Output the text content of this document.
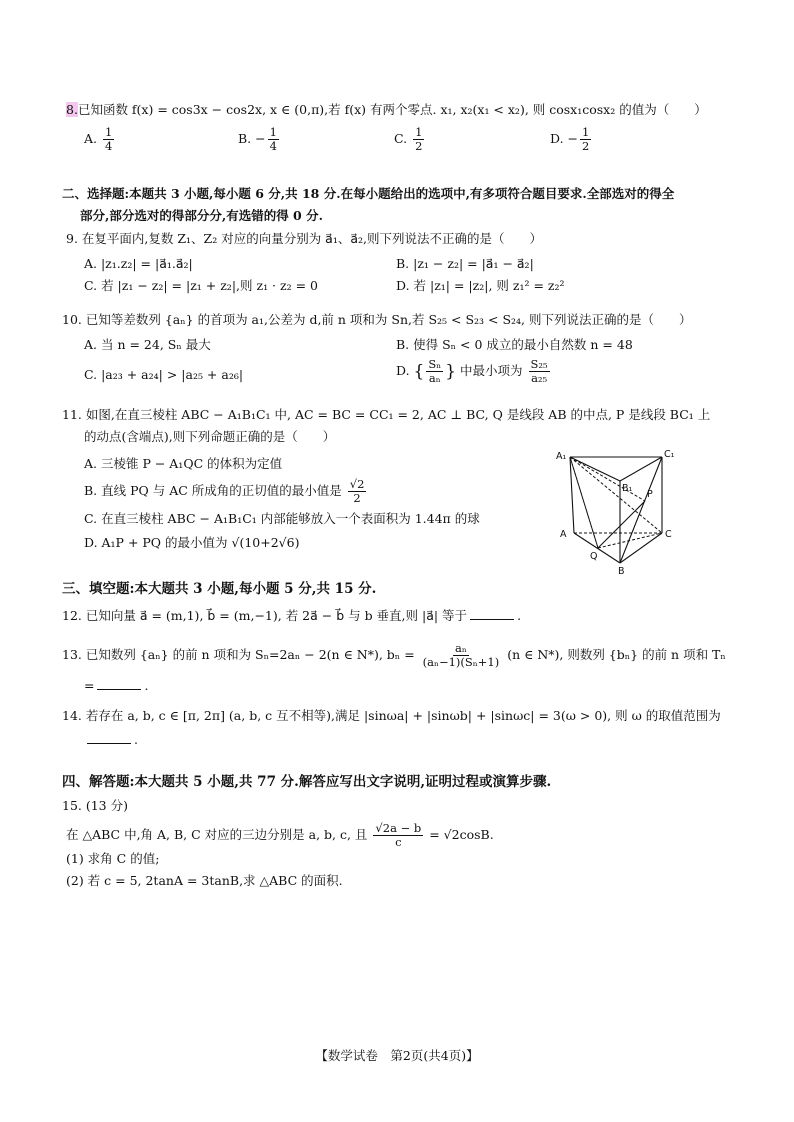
8.已知函数 f(x) = cos3x − cos2x, x ∈ (0,π),若 f(x) 有两个零点. x₁, x₂(x₁ < x₂), 则 cosx₁cosx₂ 的值为（　　）
A. $\frac{1}{4}$	B. − $\frac{1}{4}$	C. $\frac{1}{2}$	D. − $\frac{1}{2}$
二、选择题:本题共 3 小题,每小题 6 分,共 18 分.在每小题给出的选项中,有多项符合题目要求.全部选对的得全
部分,部分选对的得部分分,有选错的得 0 分.
9. 在复平面内,复数 Z₁、Z₂ 对应的向量分别为 a⃗₁、a⃗₂,则下列说法不正确的是（　　）
A. |z₁.z₂| = |a⃗₁.a⃗₂|	B. |z₁ − z₂| = |a⃗₁ − a⃗₂|
C. 若 |z₁ − z₂| = |z₁ + z₂|,则 z₁ · z₂ = 0	D. 若 |z₁| = |z₂|, 则 z₁² = z₂²
10. 已知等差数列 {aₙ} 的首项为 a₁,公差为 d,前 n 项和为 Sn,若 S₂₅ < S₂₃ < S₂₄, 则下列说法正确的是（　　）
A. 当 n = 24, Sₙ 最大	B. 使得 Sₙ < 0 成立的最小自然数 n = 48
C. |a₂₃ + a₂₄| > |a₂₅ + a₂₆|	D. { $\frac{\text{Sₙ}}{\text{aₙ}}$ } 中最小项为 $\frac{\text{S₂₅}}{\text{a₂₅}}$
11. 如图,在直三棱柱 ABC − A₁B₁C₁ 中, AC = BC = CC₁ = 2, AC ⊥ BC, Q 是线段 AB 的中点, P 是线段 BC₁ 上
的动点(含端点),则下列命题正确的是（　　）
A. 三棱锥 P − A₁QC 的体积为定值
B. 直线 PQ 与 AC 所成角的正切值的最小值是 $\frac{√2}{2}$
C. 在直三棱柱 ABC − A₁B₁C₁ 内部能够放入一个表面积为 1.44π 的球
D. A₁P + PQ 的最小值为 √(10+2√6)
A₁	C₁
B₁
P
A	C
Q
B
三、填空题:本大题共 3 小题,每小题 5 分,共 15 分.
12. 已知向量 a⃗ = (m,1), b⃗ = (m,−1), 若 2a⃗ − b⃗ 与 b 垂直,则 |a⃗| 等于	.
13. 已知数列 {aₙ} 的前 n 项和为 Sₙ=2aₙ − 2(n ∈ N*), $b_n = \frac{\text{aₙ}}{\text{(aₙ−1)(Sₙ+1)}} (n$ ∈ N*), 则数列 {bₙ} 的前 n 项和 Tₙ
=	.
14. 若存在 a, b, c ∈ [π, 2π] (a, b, c 互不相等),满足 |sinωa| + |sinωb| + |sinωc| = 3(ω > 0), 则 ω 的取值范围为
.
四、解答题:本大题共 5 小题,共 77 分.解答应写出文字说明,证明过程或演算步骤.
15. (13 分)
在 △ABC 中,角 A, B, C 对应的三边分别是 a, b, c, 且 $\frac{√2a - b}{c} = √2\cos B$.
(1) 求角 C 的值;
(2) 若 c = 5, 2tanA = 3tanB,求 △ABC 的面积.
【数学试卷　第2页(共4页)】
